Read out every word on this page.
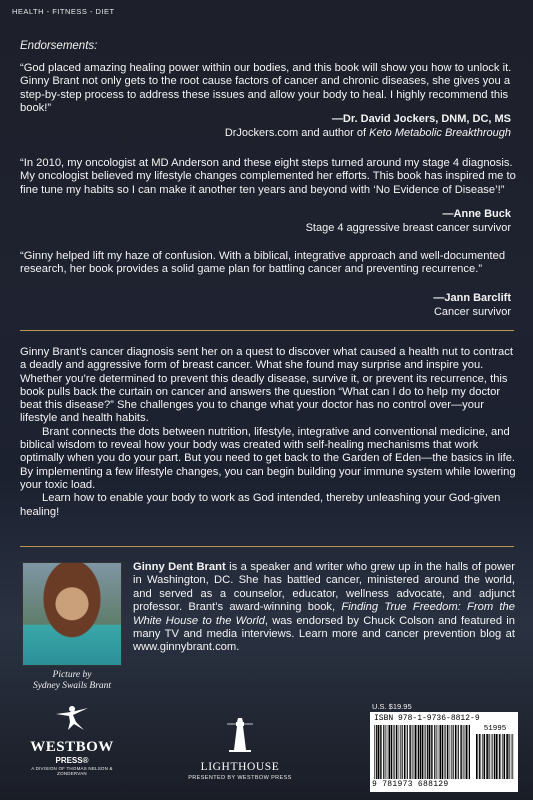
HEALTH - FITNESS - DIET
Endorsements:
“God placed amazing healing power within our bodies, and this book will show you how to unlock it. Ginny Brant not only gets to the root cause factors of cancer and chronic diseases, she gives you a step-by-step process to address these issues and allow your body to heal. I highly recommend this book!”
—Dr. David Jockers, DNM, DC, MS
DrJockers.com and author of Keto Metabolic Breakthrough
“In 2010, my oncologist at MD Anderson and these eight steps turned around my stage 4 diagnosis. My oncologist believed my lifestyle changes complemented her efforts. This book has inspired me to fine tune my habits so I can make it another ten years and beyond with ‘No Evidence of Disease’!”
—Anne Buck
Stage 4 aggressive breast cancer survivor
“Ginny helped lift my haze of confusion. With a biblical, integrative approach and well-documented research, her book provides a solid game plan for battling cancer and preventing recurrence.”
—Jann Barclift
Cancer survivor

Ginny Brant’s cancer diagnosis sent her on a quest to discover what caused a health nut to contract a deadly and aggressive form of breast cancer. What she found may surprise and inspire you. Whether you’re determined to prevent this deadly disease, survive it, or prevent its recurrence, this book pulls back the curtain on cancer and answers the question “What can I do to help my doctor beat this disease?” She challenges you to change what your doctor has no control over—your lifestyle and health habits.

Brant connects the dots between nutrition, lifestyle, integrative and conventional medicine, and biblical wisdom to reveal how your body was created with self-healing mechanisms that work optimally when you do your part. But you need to get back to the Garden of Eden—the basics in life. By implementing a few lifestyle changes, you can begin building your immune system while lowering your toxic load.

Learn how to enable your body to work as God intended, thereby unleashing your God-given healing!

Picture by
Sydney Swails Brant
Ginny Dent Brant is a speaker and writer who grew up in the halls of power in Washington, DC. She has battled cancer, ministered around the world, and served as a counselor, educator, wellness advocate, and adjunct professor. Brant’s award-winning book, Finding True Freedom: From the White House to the World, was endorsed by Chuck Colson and featured in many TV and media interviews. Learn more and cancer prevention blog at www.ginnybrant.com.
U.S. $19.95
ISBN 978-1-9736-8812-9
51995
9 781973 688129
WESTBOW
PRESS®
A DIVISION OF THOMAS NELSON & ZONDERVAN
LIGHTHOUSE
PRESENTED BY WESTBOW PRESS
